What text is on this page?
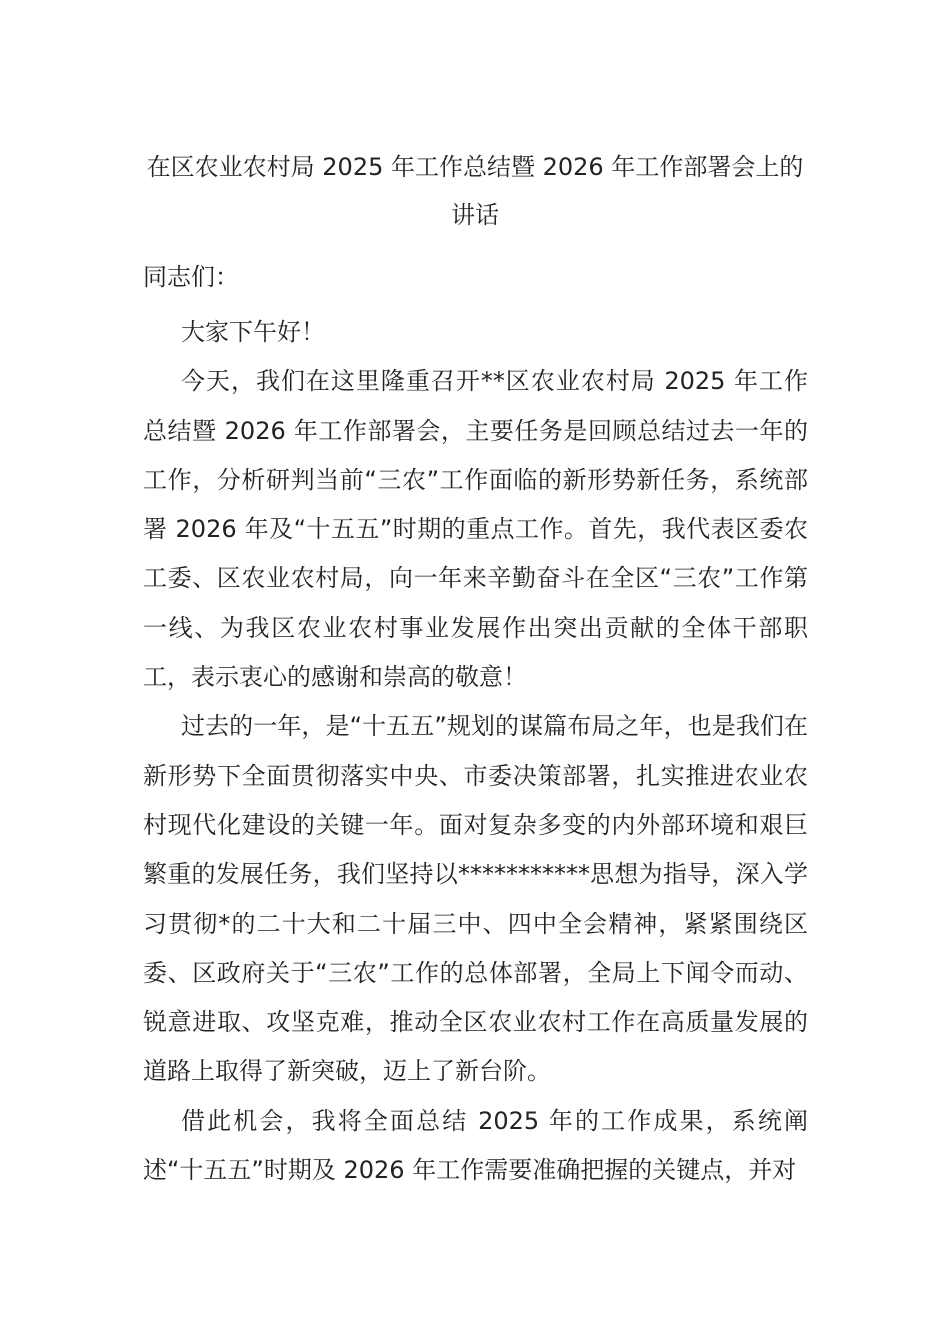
在区农业农村局 2025 年工作总结暨 2026 年工作部署会上的讲话
同志们：

大家下午好！

今天，我们在这里隆重召开**区农业农村局 2025 年工作总结暨 2026 年工作部署会，主要任务是回顾总结过去一年的工作，分析研判当前“三农”工作面临的新形势新任务，系统部署 2026 年及“十五五”时期的重点工作。首先，我代表区委农工委、区农业农村局，向一年来辛勤奋斗在全区“三农”工作第一线、为我区农业农村事业发展作出突出贡献的全体干部职工，表示衷心的感谢和崇高的敬意！

过去的一年，是“十五五”规划的谋篇布局之年，也是我们在新形势下全面贯彻落实中央、市委决策部署，扎实推进农业农村现代化建设的关键一年。面对复杂多变的内外部环境和艰巨繁重的发展任务，我们坚持以***********思想为指导，深入学习贯彻*的二十大和二十届三中、四中全会精神，紧紧围绕区委、区政府关于“三农”工作的总体部署，全局上下闻令而动、锐意进取、攻坚克难，推动全区农业农村工作在高质量发展的道路上取得了新突破，迈上了新台阶。

借此机会，我将全面总结 2025 年的工作成果，系统阐述“十五五”时期及 2026 年工作需要准确把握的关键点，并对
